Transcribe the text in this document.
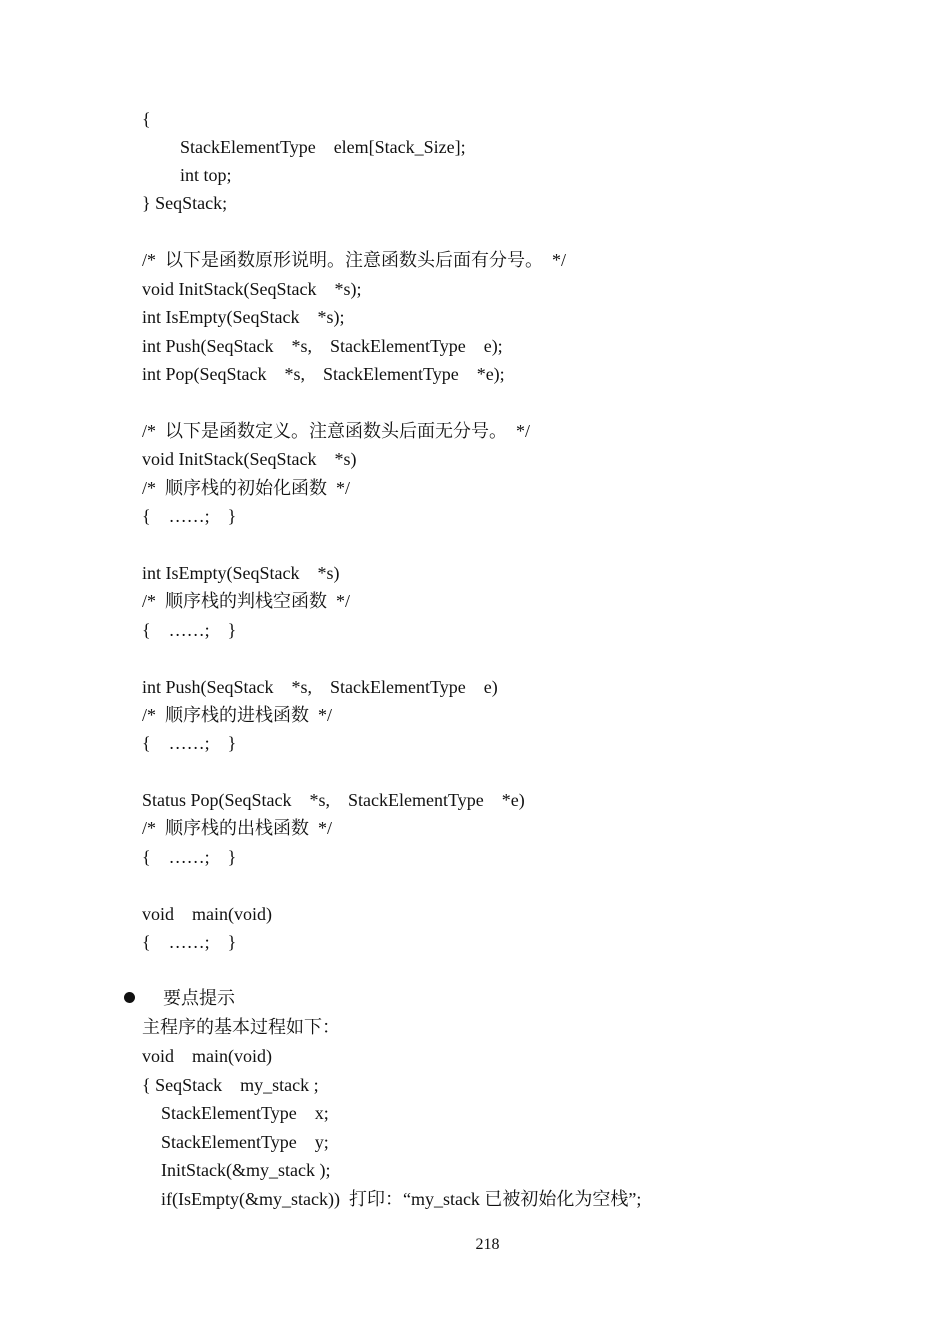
{
StackElementType    elem[Stack_Size];
int top;
} SeqStack;
/*  以下是函数原形说明。注意函数头后面有分号。  */
void InitStack(SeqStack    *s);
int IsEmpty(SeqStack    *s);
int Push(SeqStack    *s,    StackElementType    e);
int Pop(SeqStack    *s,    StackElementType    *e);
/*  以下是函数定义。注意函数头后面无分号。  */
void InitStack(SeqStack    *s)
/*  顺序栈的初始化函数  */
{    ……;    }
int IsEmpty(SeqStack    *s)
/*  顺序栈的判栈空函数  */
{    ……;    }
int Push(SeqStack    *s,    StackElementType    e)
/*  顺序栈的进栈函数  */
{    ……;    }
Status Pop(SeqStack    *s,    StackElementType    *e)
/*  顺序栈的出栈函数  */
{    ……;    }
void    main(void)
{    ……;    }
要点提示
主程序的基本过程如下：
void    main(void)
{ SeqStack    my_stack ;
StackElementType    x;
StackElementType    y;
InitStack(&my_stack );
if(IsEmpty(&my_stack))  打印：“my_stack 已被初始化为空栈”;
218
